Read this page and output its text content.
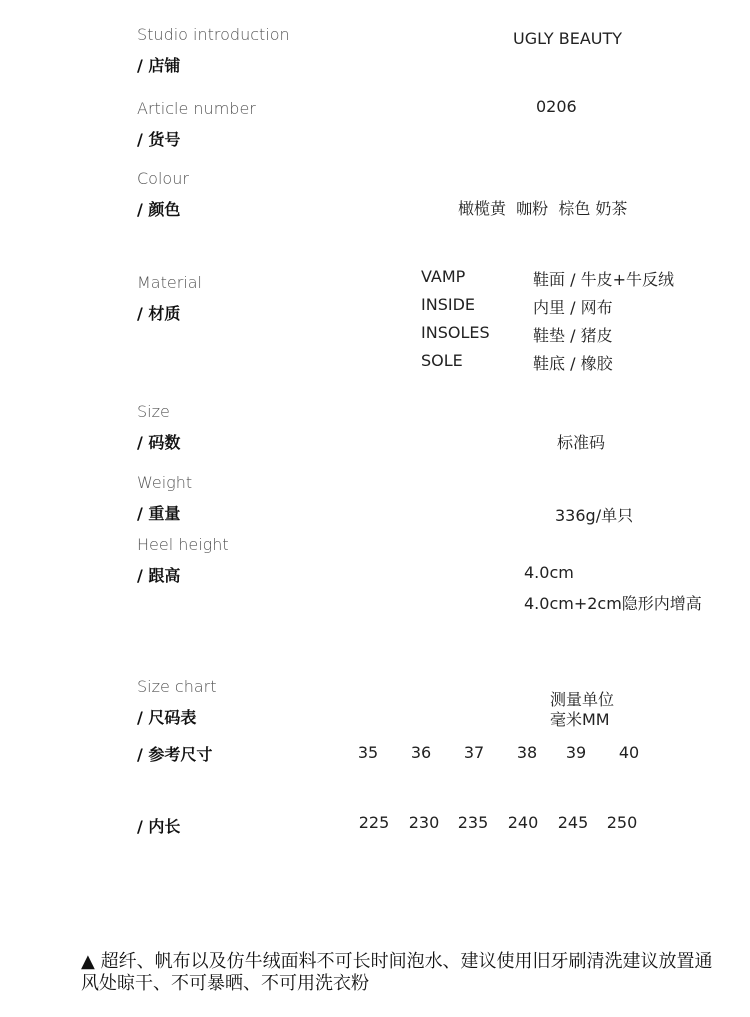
Studio introduction
/ 店铺
UGLY BEAUTY
Article number
/ 货号
0206
Colour
/ 颜色	橄榄黄  咖粉  棕色 奶茶
Material
/ 材质
VAMP	鞋面 / 牛皮+牛反绒
INSIDE	内里 / 网布
INSOLES	鞋垫 / 猪皮
SOLE	鞋底 / 橡胶
Size
/ 码数	标准码
Weight
/ 重量	336g/单只
Heel height
/ 跟高	4.0cm
4.0cm+2cm隐形内增高
Size chart
/ 尺码表
测量单位
毫米MM
/ 参考尺寸	35	36	37	38	39	40
/ 内长	225	230	235	240	245	250
▲ 超纤、帆布以及仿牛绒面料不可长时间泡水、建议使用旧牙刷清洗建议放置通风处晾干、不可暴晒、不可用洗衣粉
